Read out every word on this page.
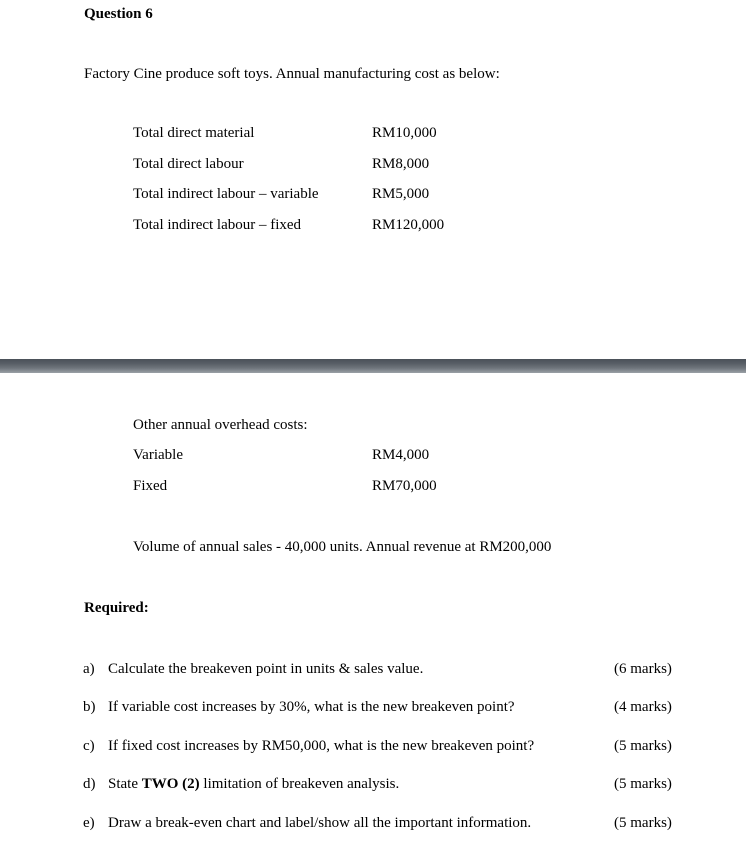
Question 6
Factory Cine produce soft toys. Annual manufacturing cost as below:
Total direct material	RM10,000
Total direct labour	RM8,000
Total indirect labour – variable	RM5,000
Total indirect labour – fixed	RM120,000
Other annual overhead costs:
Variable	RM4,000
Fixed	RM70,000
Volume of annual sales - 40,000 units. Annual revenue at RM200,000
Required:
a) Calculate the breakeven point in units & sales value.	(6 marks)
b) If variable cost increases by 30%, what is the new breakeven point?	(4 marks)
c) If fixed cost increases by RM50,000, what is the new breakeven point?	(5 marks)
d) State TWO (2) limitation of breakeven analysis.	(5 marks)
e) Draw a break-even chart and label/show all the important information.	(5 marks)
